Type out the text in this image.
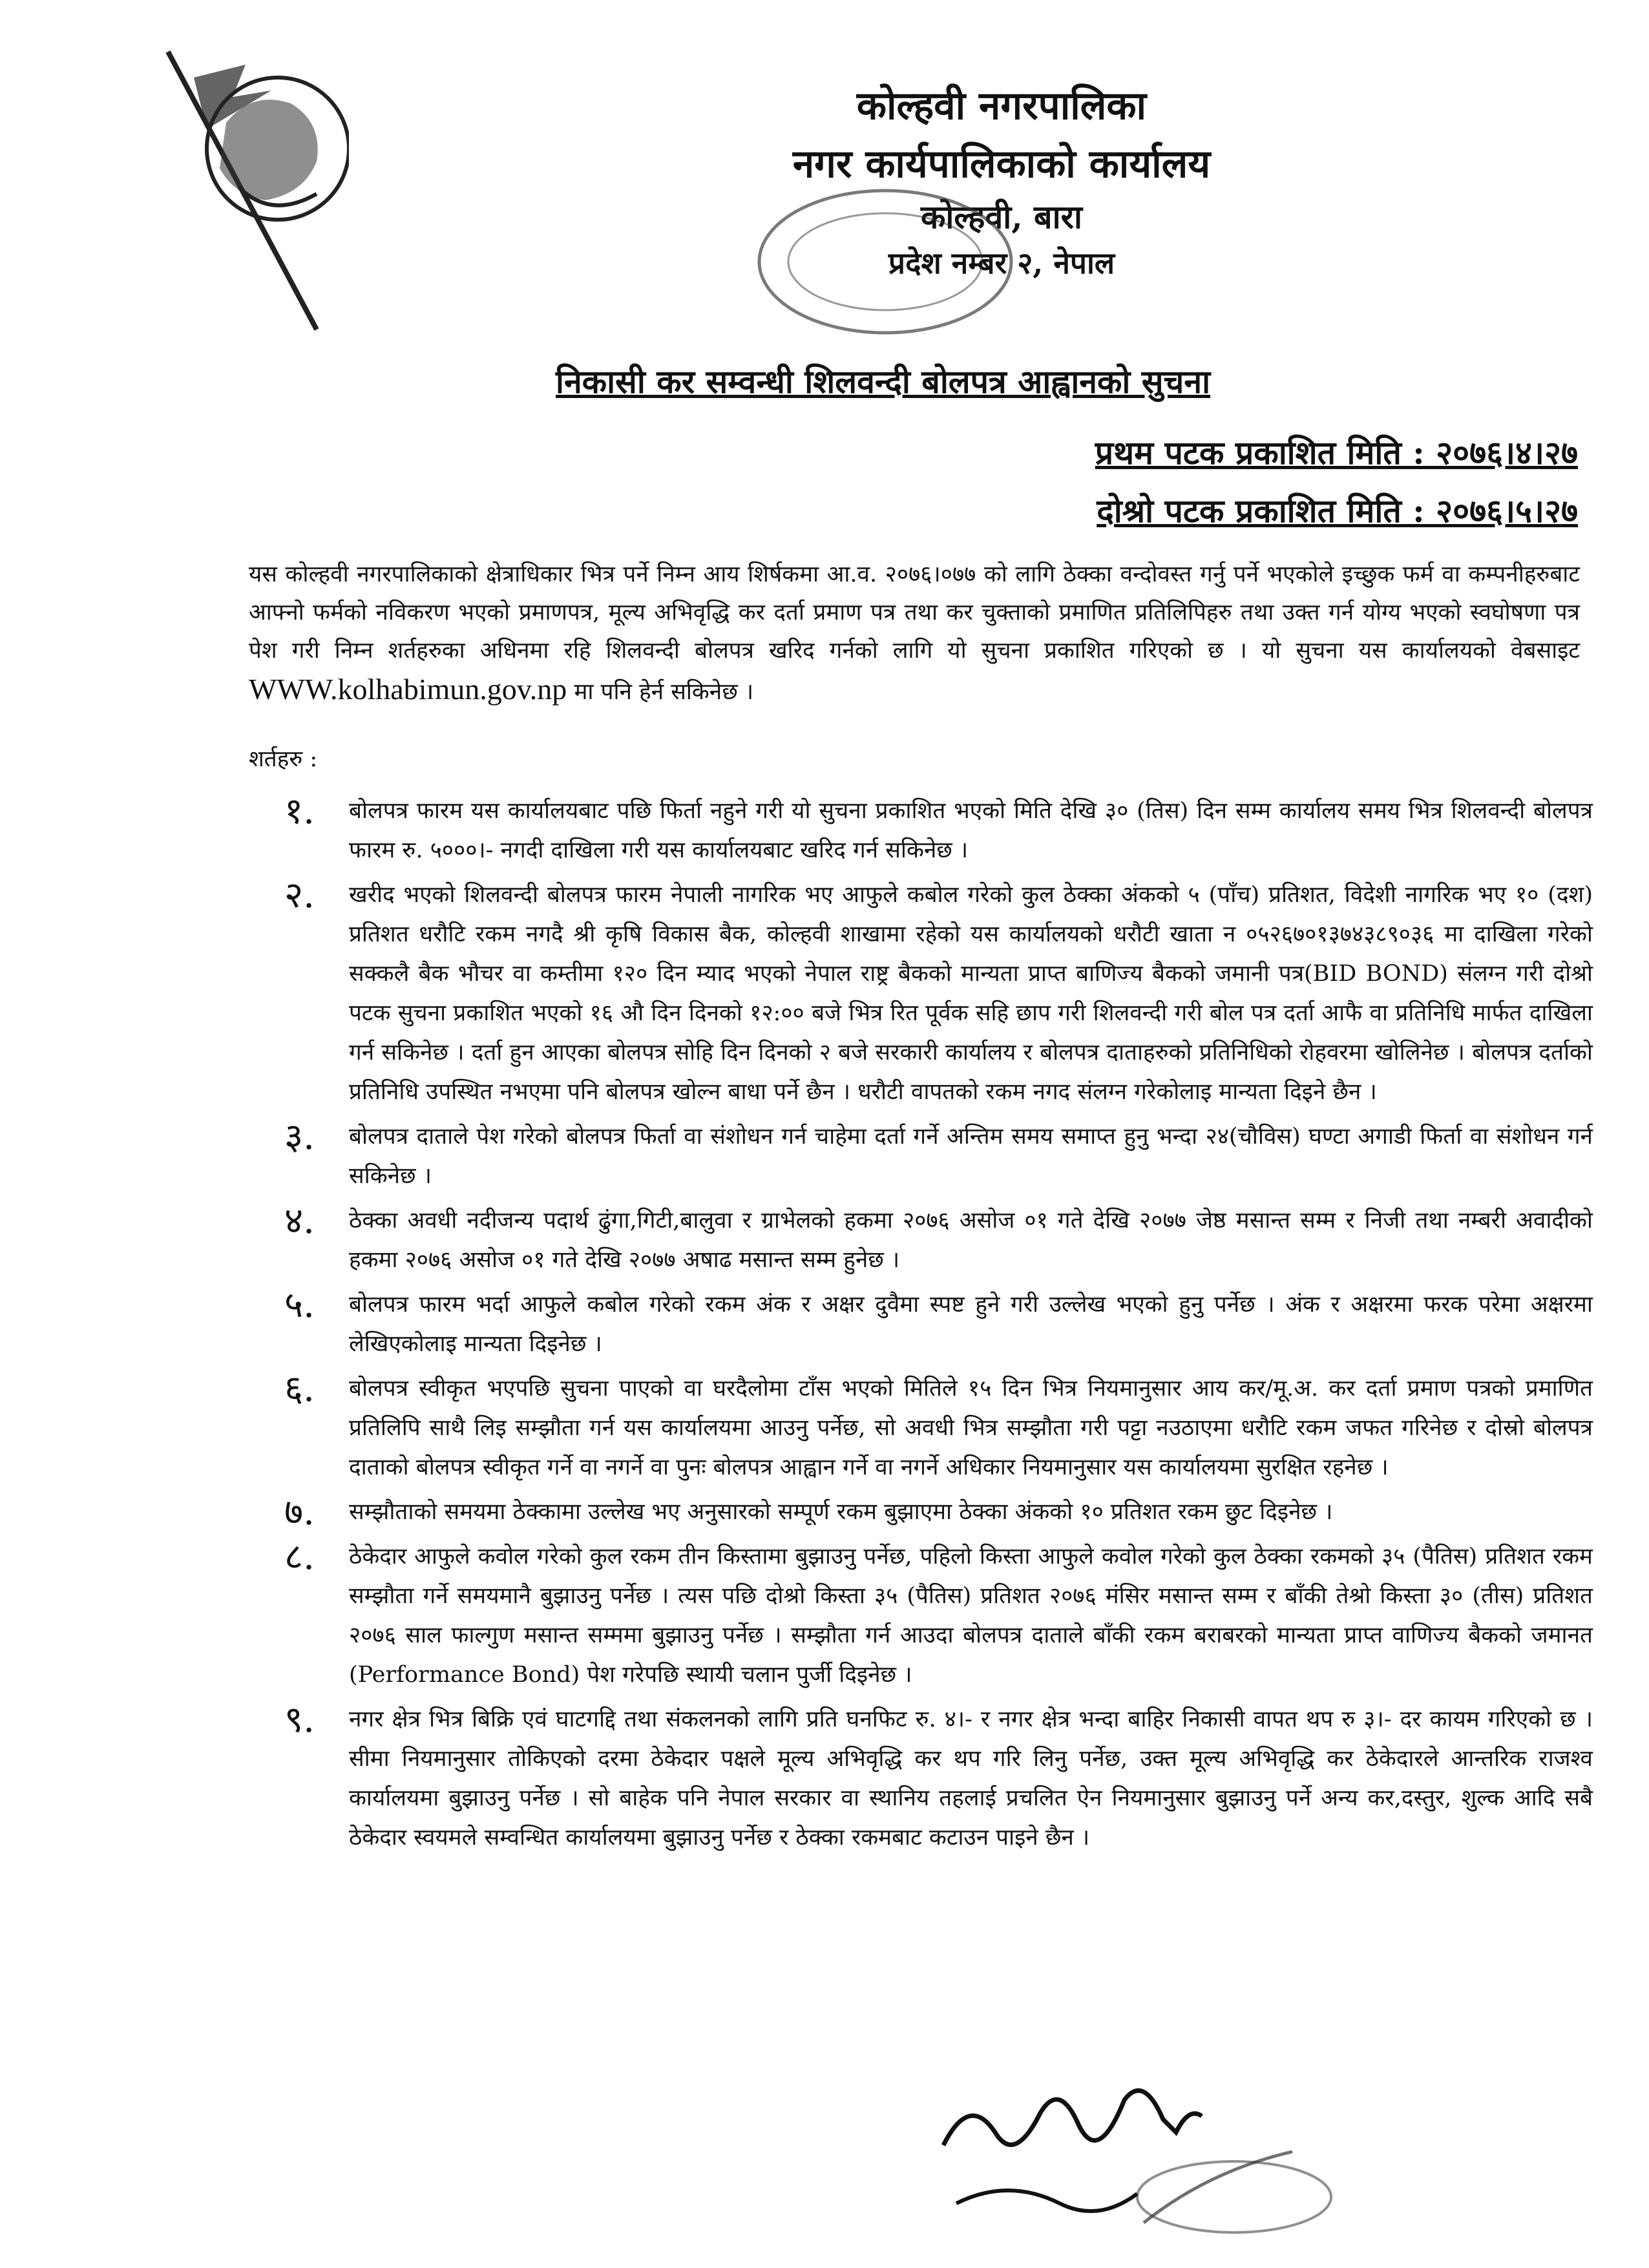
कोल्हवी नगरपालिका
नगर कार्यपालिकाको कार्यालय
कोल्हवी, बारा
प्रदेश नम्बर २, नेपाल
निकासी कर सम्वन्धी शिलवन्दी बोलपत्र आह्वानको सुचना
प्रथम पटक प्रकाशित मिति : २०७६।४।२७
दोश्रो पटक प्रकाशित मिति : २०७६।५।२७
यस कोल्हवी नगरपालिकाको क्षेत्राधिकार भित्र पर्ने निम्न आय शिर्षकमा आ.व. २०७६।०७७ को लागि ठेक्का वन्दोवस्त गर्नु पर्ने भएकोले इच्छुक फर्म वा कम्पनीहरुबाट आफ्नो फर्मको नविकरण भएको प्रमाणपत्र, मूल्य अभिवृद्धि कर दर्ता प्रमाण पत्र तथा कर चुक्ताको प्रमाणित प्रतिलिपिहरु तथा उक्त गर्न योग्य भएको स्वघोषणा पत्र पेश गरी निम्न शर्तहरुका अधिनमा रहि शिलवन्दी बोलपत्र खरिद गर्नको लागि यो सुचना प्रकाशित गरिएको छ । यो सुचना यस कार्यालयको वेबसाइट WWW.kolhabimun.gov.np मा पनि हेर्न सकिनेछ ।
शर्तहरु :
१.	बोलपत्र फारम यस कार्यालयबाट पछि फिर्ता नहुने गरी यो सुचना प्रकाशित भएको मिति देखि ३० (तिस) दिन सम्म कार्यालय समय भित्र शिलवन्दी बोलपत्र फारम रु. ५०००।- नगदी दाखिला गरी यस कार्यालयबाट खरिद गर्न सकिनेछ ।
२.	खरीद भएको शिलवन्दी बोलपत्र फारम नेपाली नागरिक भए आफुले कबोल गरेको कुल ठेक्का अंकको ५ (पाँच) प्रतिशत, विदेशी नागरिक भए १० (दश) प्रतिशत धरौटि रकम नगदै श्री कृषि विकास बैक, कोल्हवी शाखामा रहेको यस कार्यालयको धरौटी खाता न ०५२६७०१३७४३८९०३६ मा दाखिला गरेको सक्कलै बैक भौचर वा कम्तीमा १२० दिन म्याद भएको नेपाल राष्ट्र बैकको मान्यता प्राप्त बाणिज्य बैकको जमानी पत्र(BID BOND) संलग्न गरी दोश्रो पटक सुचना प्रकाशित भएको १६ औ दिन दिनको १२:०० बजे भित्र रित पूर्वक सहि छाप गरी शिलवन्दी गरी बोल पत्र दर्ता आफै वा प्रतिनिधि मार्फत दाखिला गर्न सकिनेछ । दर्ता हुन आएका बोलपत्र सोहि दिन दिनको २ बजे सरकारी कार्यालय र बोलपत्र दाताहरुको प्रतिनिधिको रोहवरमा खोलिनेछ । बोलपत्र दर्ताको प्रतिनिधि उपस्थित नभएमा पनि बोलपत्र खोल्न बाधा पर्ने छैन । धरौटी वापतको रकम नगद संलग्न गरेकोलाइ मान्यता दिइने छैन ।
३.	बोलपत्र दाताले पेश गरेको बोलपत्र फिर्ता वा संशोधन गर्न चाहेमा दर्ता गर्ने अन्तिम समय समाप्त हुनु भन्दा २४(चौविस) घण्टा अगाडी फिर्ता वा संशोधन गर्न सकिनेछ ।
४.	ठेक्का अवधी नदीजन्य पदार्थ ढुंगा,गिटी,बालुवा र ग्राभेलको हकमा २०७६ असोज ०१ गते देखि २०७७ जेष्ठ मसान्त सम्म र निजी तथा नम्बरी अवादीको हकमा २०७६ असोज ०१ गते देखि २०७७ अषाढ मसान्त सम्म हुनेछ ।
५.	बोलपत्र फारम भर्दा आफुले कबोल गरेको रकम अंक र अक्षर दुवैमा स्पष्ट हुने गरी उल्लेख भएको हुनु पर्नेछ । अंक र अक्षरमा फरक परेमा अक्षरमा लेखिएकोलाइ मान्यता दिइनेछ ।
६.	बोलपत्र स्वीकृत भएपछि सुचना पाएको वा घरदैलोमा टाँस भएको मितिले १५ दिन भित्र नियमानुसार आय कर/मू.अ. कर दर्ता प्रमाण पत्रको प्रमाणित प्रतिलिपि साथै लिइ सम्झौता गर्न यस कार्यालयमा आउनु पर्नेछ, सो अवधी भित्र सम्झौता गरी पट्टा नउठाएमा धरौटि रकम जफत गरिनेछ र दोस्रो बोलपत्र दाताको बोलपत्र स्वीकृत गर्ने वा नगर्ने वा पुनः बोलपत्र आह्वान गर्ने वा नगर्ने अधिकार नियमानुसार यस कार्यालयमा सुरक्षित रहनेछ ।
७.	सम्झौताको समयमा ठेक्कामा उल्लेख भए अनुसारको सम्पूर्ण रकम बुझाएमा ठेक्का अंकको १० प्रतिशत रकम छुट दिइनेछ ।
८.	ठेकेदार आफुले कवोल गरेको कुल रकम तीन किस्तामा बुझाउनु पर्नेछ, पहिलो किस्ता आफुले कवोल गरेको कुल ठेक्का रकमको ३५ (पैतिस) प्रतिशत रकम सम्झौता गर्ने समयमानै बुझाउनु पर्नेछ । त्यस पछि दोश्रो किस्ता ३५ (पैतिस) प्रतिशत २०७६ मंसिर मसान्त सम्म र बाँकी तेश्रो किस्ता ३० (तीस) प्रतिशत २०७६ साल फाल्गुण मसान्त सम्ममा बुझाउनु पर्नेछ । सम्झौता गर्न आउदा बोलपत्र दाताले बाँकी रकम बराबरको मान्यता प्राप्त वाणिज्य बैकको जमानत (Performance Bond) पेश गरेपछि स्थायी चलान पुर्जी दिइनेछ ।
९.	नगर क्षेत्र भित्र बिक्रि एवं घाटगद्दि तथा संकलनको लागि प्रति घनफिट रु. ४।- र नगर क्षेत्र भन्दा बाहिर निकासी वापत थप रु ३।- दर कायम गरिएको छ । सीमा नियमानुसार तोकिएको दरमा ठेकेदार पक्षले मूल्य अभिवृद्धि कर थप गरि लिनु पर्नेछ, उक्त मूल्य अभिवृद्धि कर ठेकेदारले आन्तरिक राजश्व कार्यालयमा बुझाउनु पर्नेछ । सो बाहेक पनि नेपाल सरकार वा स्थानिय तहलाई प्रचलित ऐन नियमानुसार बुझाउनु पर्ने अन्य कर,दस्तुर, शुल्क आदि सबै ठेकेदार स्वयमले सम्वन्धित कार्यालयमा बुझाउनु पर्नेछ र ठेक्का रकमबाट कटाउन पाइने छैन ।
